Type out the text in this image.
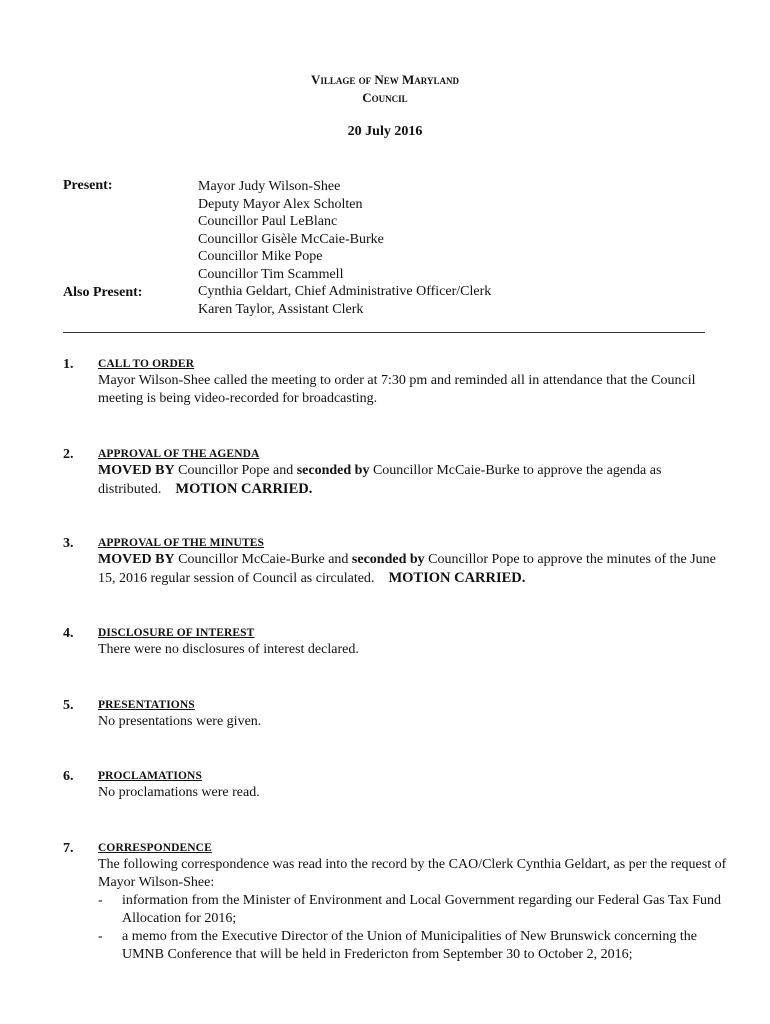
Village of New Maryland
Council
20 July 2016
Present:
Also Present:
Mayor Judy Wilson-Shee
Deputy Mayor Alex Scholten
Councillor Paul LeBlanc
Councillor Gisèle McCaie-Burke
Councillor Mike Pope
Councillor Tim Scammell
Cynthia Geldart, Chief Administrative Officer/Clerk
Karen Taylor, Assistant Clerk
1. CALL TO ORDER
Mayor Wilson-Shee called the meeting to order at 7:30 pm and reminded all in attendance that the Council meeting is being video-recorded for broadcasting.
2. APPROVAL OF THE AGENDA
MOVED BY Councillor Pope and seconded by Councillor McCaie-Burke to approve the agenda as distributed. MOTION CARRIED.
3. APPROVAL OF THE MINUTES
MOVED BY Councillor McCaie-Burke and seconded by Councillor Pope to approve the minutes of the June 15, 2016 regular session of Council as circulated. MOTION CARRIED.
4. DISCLOSURE OF INTEREST
There were no disclosures of interest declared.
5. PRESENTATIONS
No presentations were given.
6. PROCLAMATIONS
No proclamations were read.
7. CORRESPONDENCE
The following correspondence was read into the record by the CAO/Clerk Cynthia Geldart, as per the request of Mayor Wilson-Shee:
- information from the Minister of Environment and Local Government regarding our Federal Gas Tax Fund Allocation for 2016;
- a memo from the Executive Director of the Union of Municipalities of New Brunswick concerning the UMNB Conference that will be held in Fredericton from September 30 to October 2, 2016;
